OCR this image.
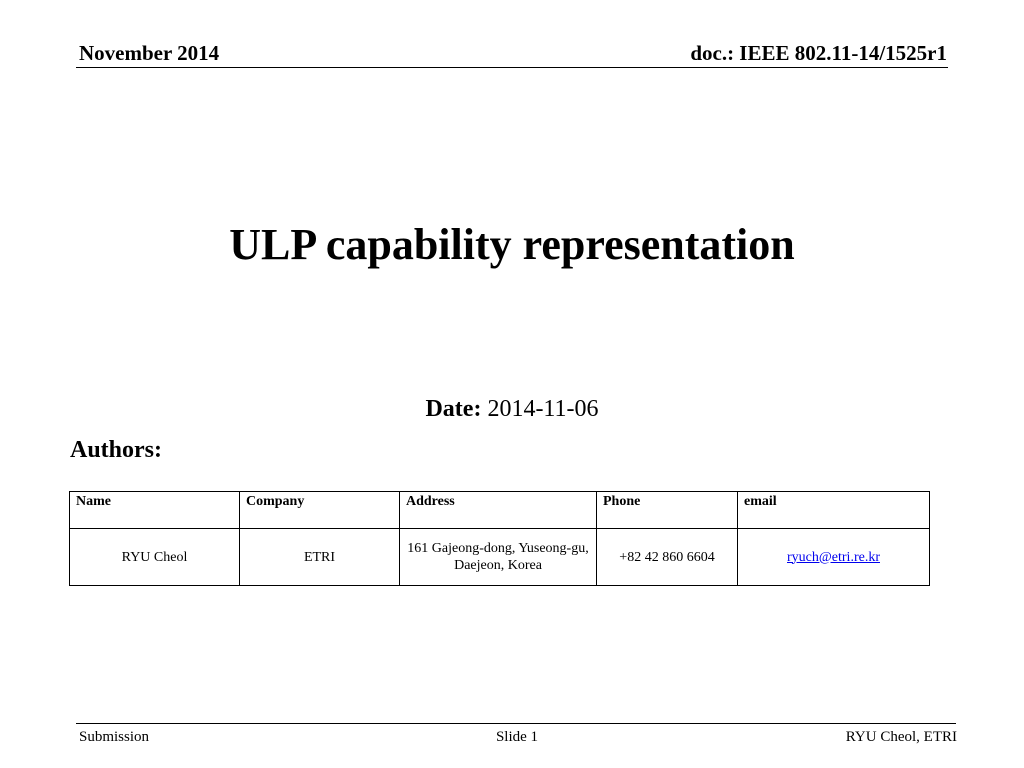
November 2014	doc.: IEEE 802.11-14/1525r1
ULP capability representation
Date: 2014-11-06
Authors:
Name	Company	Address	Phone	email
RYU Cheol	ETRI	161 Gajeong-dong, Yuseong-gu, Daejeon, Korea	+82 42 860 6604	ryuch@etri.re.kr
Submission	Slide 1	RYU Cheol, ETRI
